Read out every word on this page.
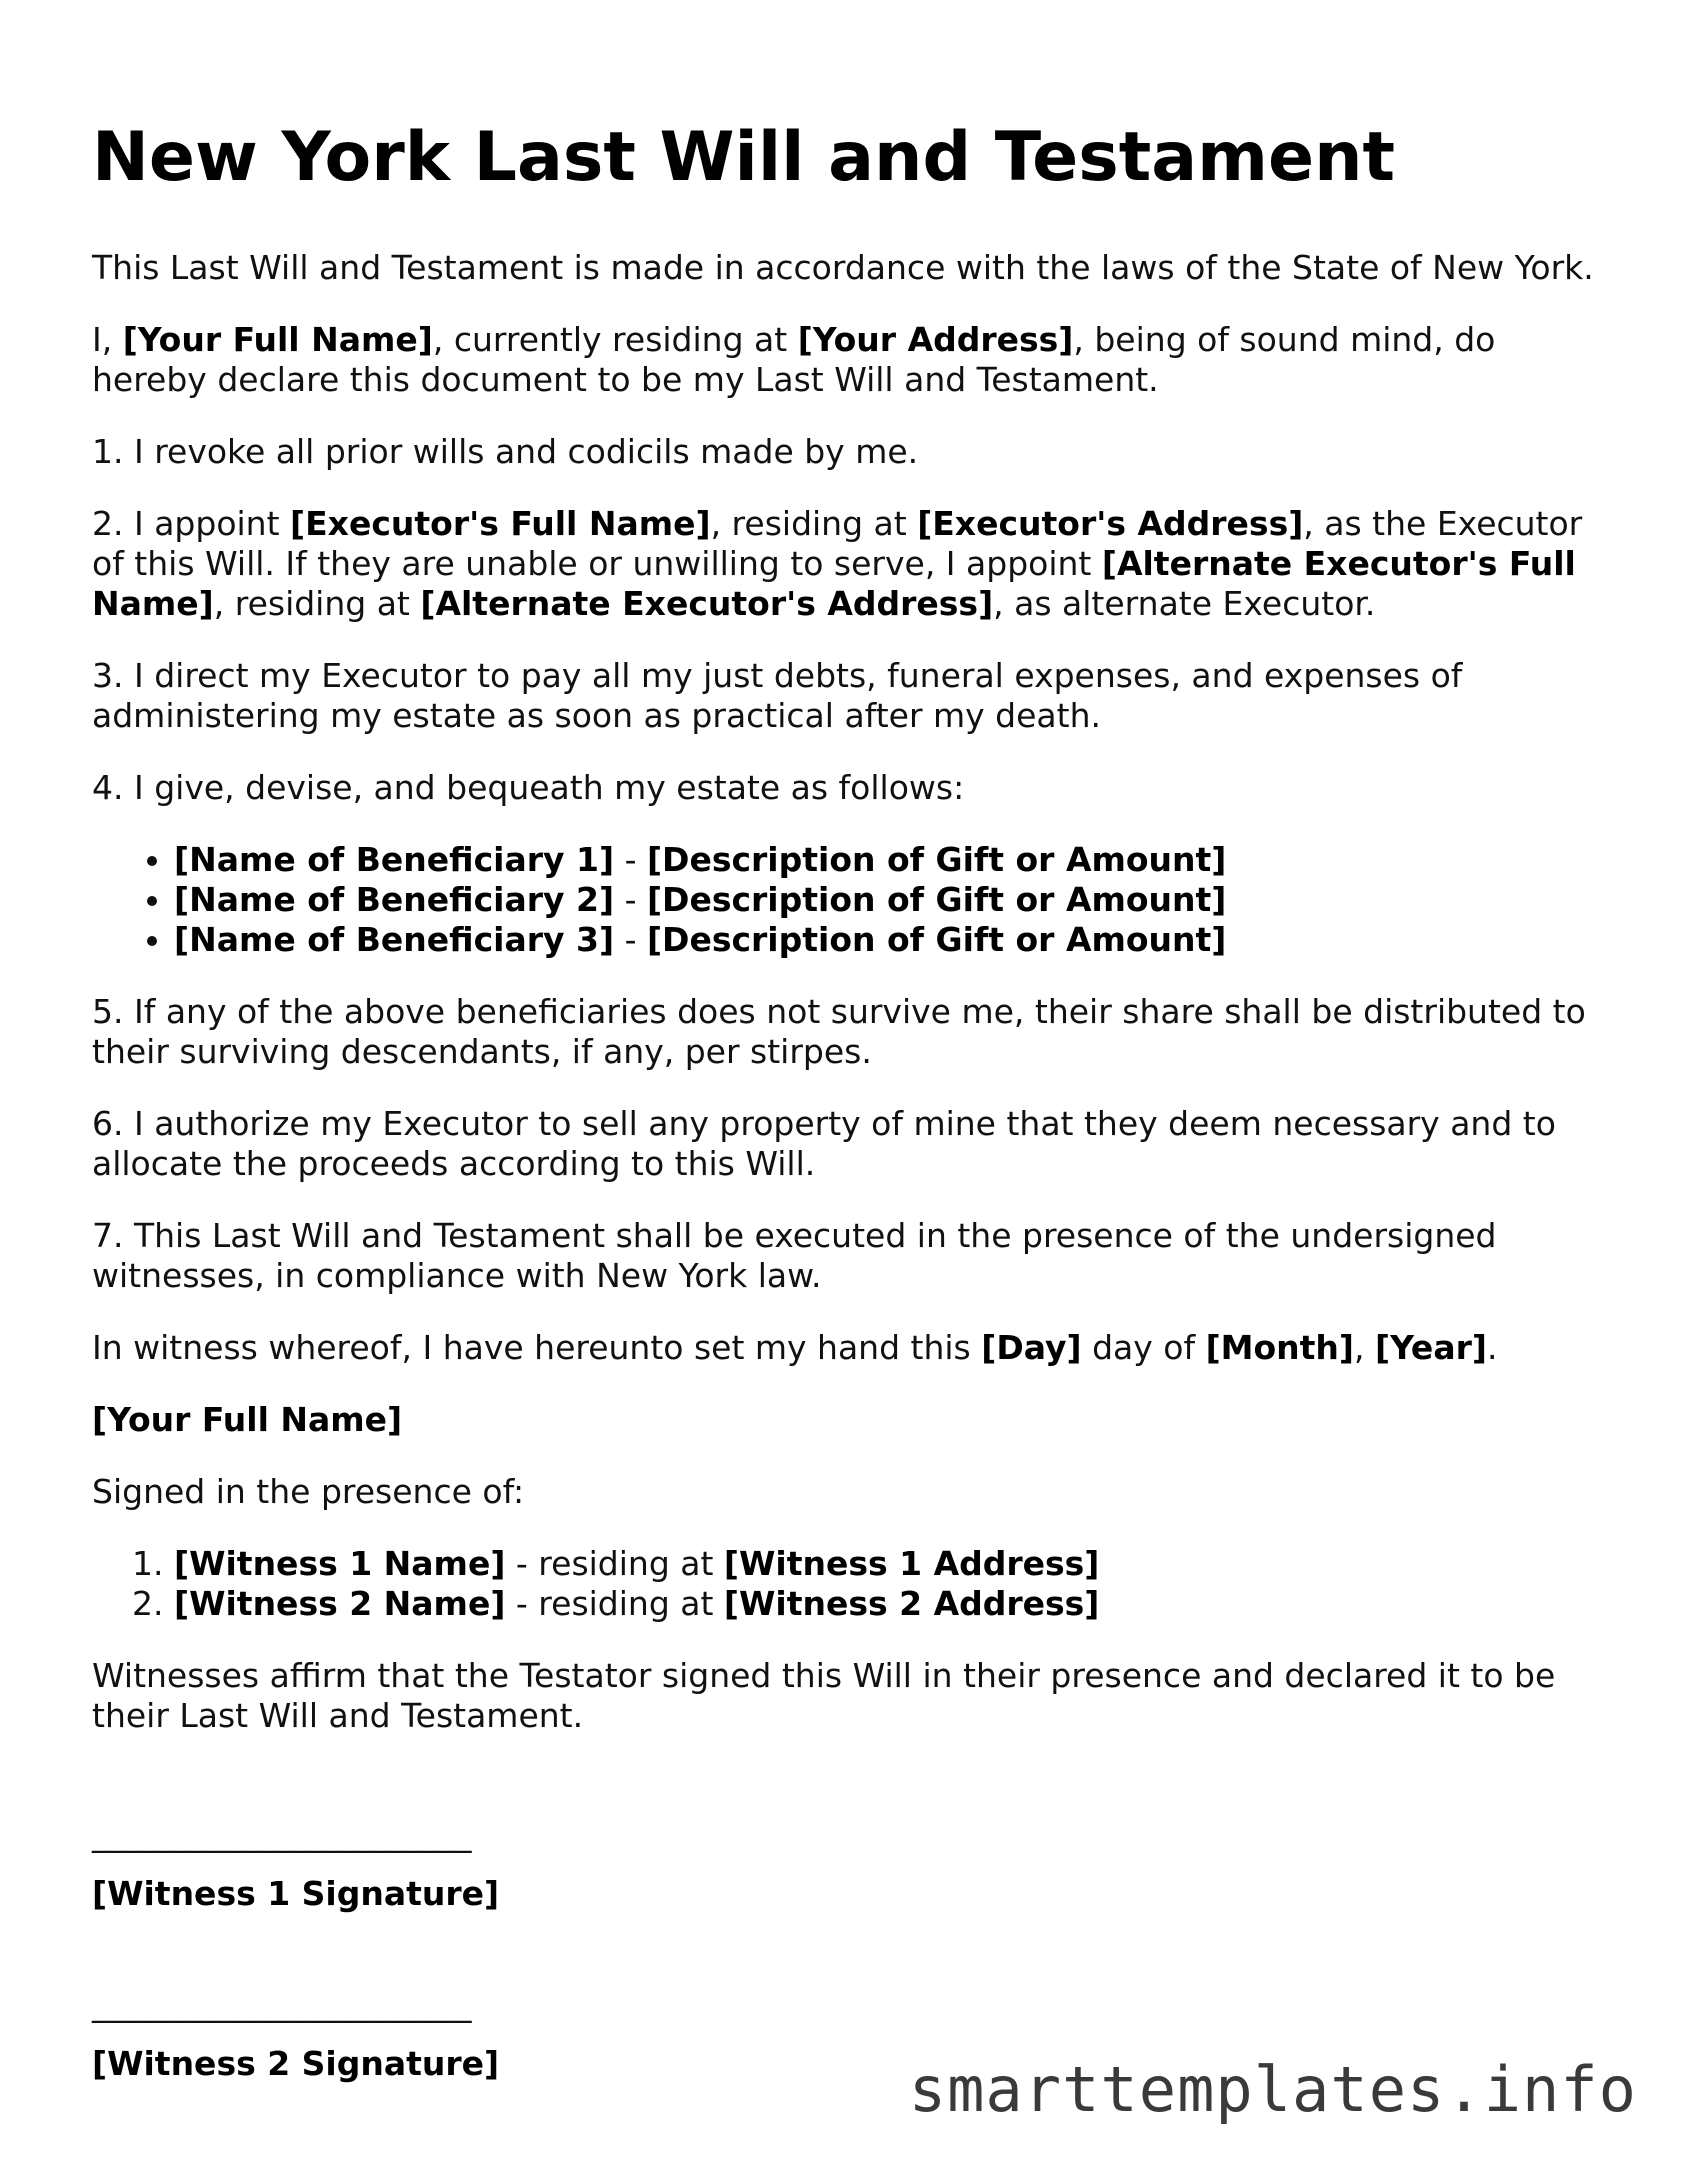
New York Last Will and Testament

This Last Will and Testament is made in accordance with the laws of the State of New York.

I, [Your Full Name], currently residing at [Your Address], being of sound mind, do hereby declare this document to be my Last Will and Testament.

1. I revoke all prior wills and codicils made by me.

2. I appoint [Executor's Full Name], residing at [Executor's Address], as the Executor of this Will. If they are unable or unwilling to serve, I appoint [Alternate Executor's Full Name], residing at [Alternate Executor's Address], as alternate Executor.

3. I direct my Executor to pay all my just debts, funeral expenses, and expenses of administering my estate as soon as practical after my death.

4. I give, devise, and bequeath my estate as follows:

• [Name of Beneficiary 1] - [Description of Gift or Amount]
• [Name of Beneficiary 2] - [Description of Gift or Amount]
• [Name of Beneficiary 3] - [Description of Gift or Amount]

5. If any of the above beneficiaries does not survive me, their share shall be distributed to their surviving descendants, if any, per stirpes.

6. I authorize my Executor to sell any property of mine that they deem necessary and to allocate the proceeds according to this Will.

7. This Last Will and Testament shall be executed in the presence of the undersigned witnesses, in compliance with New York law.

In witness whereof, I have hereunto set my hand this [Day] day of [Month], [Year].

[Your Full Name]

Signed in the presence of:

1. [Witness 1 Name] - residing at [Witness 1 Address]
2. [Witness 2 Name] - residing at [Witness 2 Address]

Witnesses affirm that the Testator signed this Will in their presence and declared it to be their Last Will and Testament.

_______________________

[Witness 1 Signature]

_______________________

[Witness 2 Signature]	smarttemplates.info
